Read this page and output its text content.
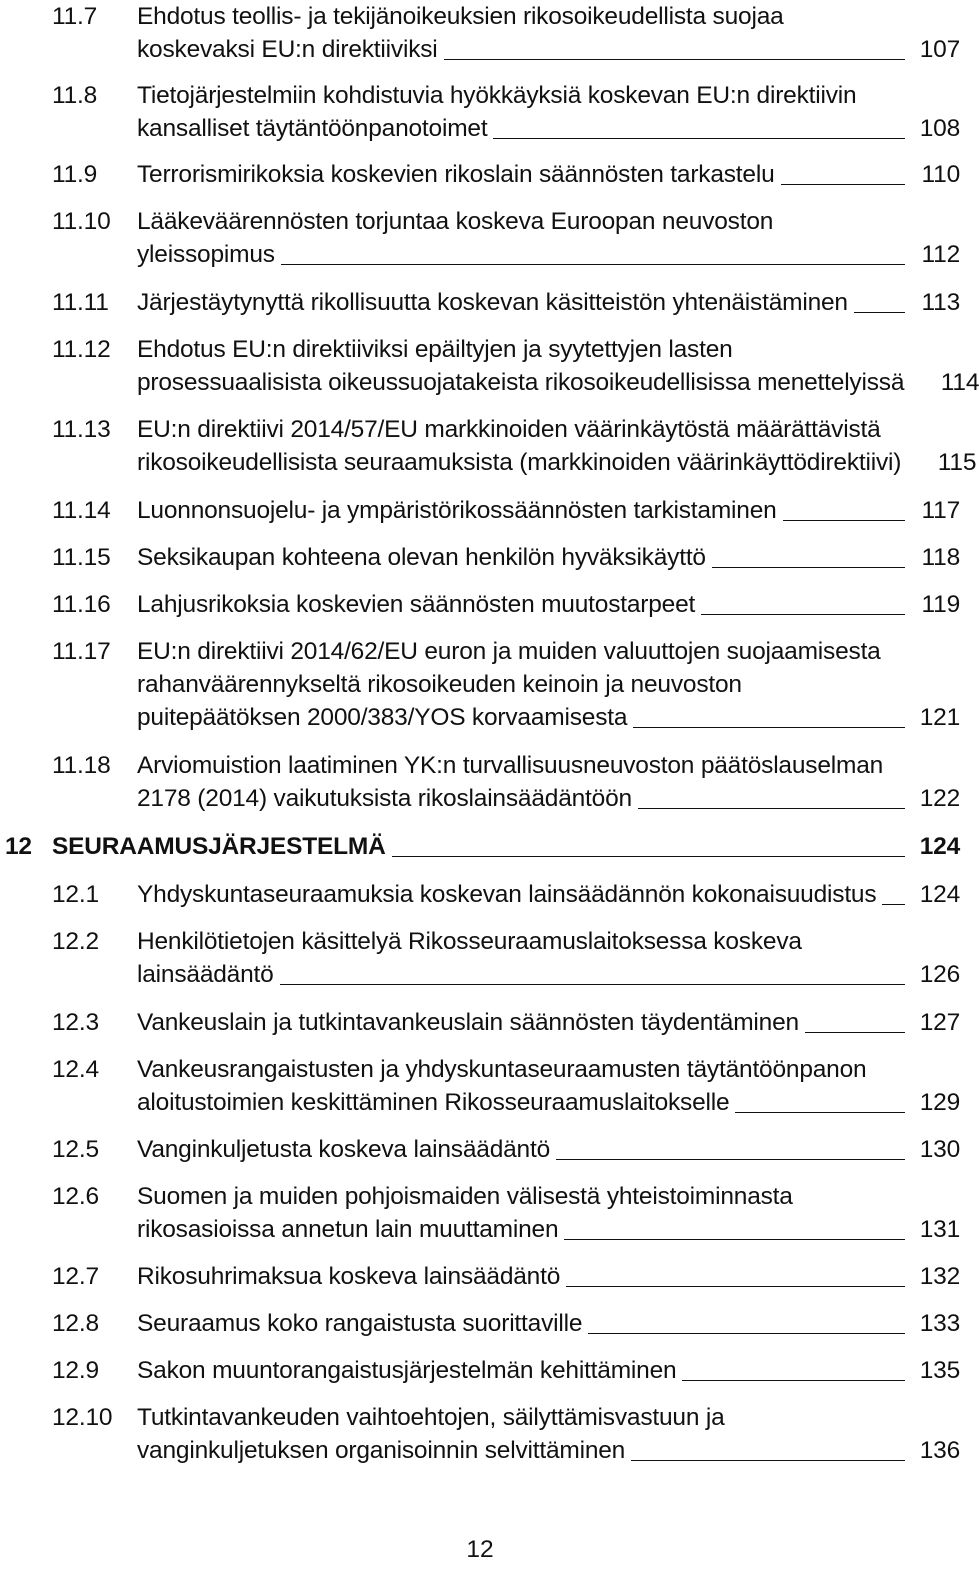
11.7 Ehdotus teollis- ja tekijänoikeuksien rikosoikeudellista suojaa
koskevaksi EU:n direktiiviksi	107
11.8 Tietojärjestelmiin kohdistuvia hyökkäyksiä koskevan EU:n direktiivin
kansalliset täytäntöönpanotoimet	108
11.9 Terrorismirikoksia koskevien rikoslain säännösten tarkastelu	110
11.10 Lääkeväärennösten torjuntaa koskeva Euroopan neuvoston
yleissopimus	112
11.11 Järjestäytynyttä rikollisuutta koskevan käsitteistön yhtenäistäminen	113
11.12 Ehdotus EU:n direktiiviksi epäiltyjen ja syytettyjen lasten
prosessuaalisista oikeussuojatakeista rikosoikeudellisissa menettelyissä 114
11.13 EU:n direktiivi 2014/57/EU markkinoiden väärinkäytöstä määrättävistä
rikosoikeudellisista seuraamuksista (markkinoiden väärinkäyttödirektiivi) 115
11.14 Luonnonsuojelu- ja ympäristörikossäännösten tarkistaminen	117
11.15 Seksikaupan kohteena olevan henkilön hyväksikäyttö	118
11.16 Lahjusrikoksia koskevien säännösten muutostarpeet	119
11.17 EU:n direktiivi 2014/62/EU euron ja muiden valuuttojen suojaamisesta
rahanväärennykseltä rikosoikeuden keinoin ja neuvoston
puitepäätöksen 2000/383/YOS korvaamisesta	121
11.18 Arviomuistion laatiminen YK:n turvallisuusneuvoston päätöslauselman
2178 (2014) vaikutuksista rikoslainsäädäntöön	122
12 SEURAAMUSJÄRJESTELMÄ	124
12.1 Yhdyskuntaseuraamuksia koskevan lainsäädännön kokonaisuudistus 124
12.2 Henkilötietojen käsittelyä Rikosseuraamuslaitoksessa koskeva
lainsäädäntö	126
12.3 Vankeuslain ja tutkintavankeuslain säännösten täydentäminen	127
12.4 Vankeusrangaistusten ja yhdyskuntaseuraamusten täytäntöönpanon
aloitustoimien keskittäminen Rikosseuraamuslaitokselle	129
12.5 Vanginkuljetusta koskeva lainsäädäntö	130
12.6 Suomen ja muiden pohjoismaiden välisestä yhteistoiminnasta
rikosasioissa annetun lain muuttaminen	131
12.7 Rikosuhrimaksua koskeva lainsäädäntö	132
12.8 Seuraamus koko rangaistusta suorittaville	133
12.9 Sakon muuntorangaistusjärjestelmän kehittäminen	135
12.10 Tutkintavankeuden vaihtoehtojen, säilyttämisvastuun ja
vanginkuljetuksen organisoinnin selvittäminen	136
12
